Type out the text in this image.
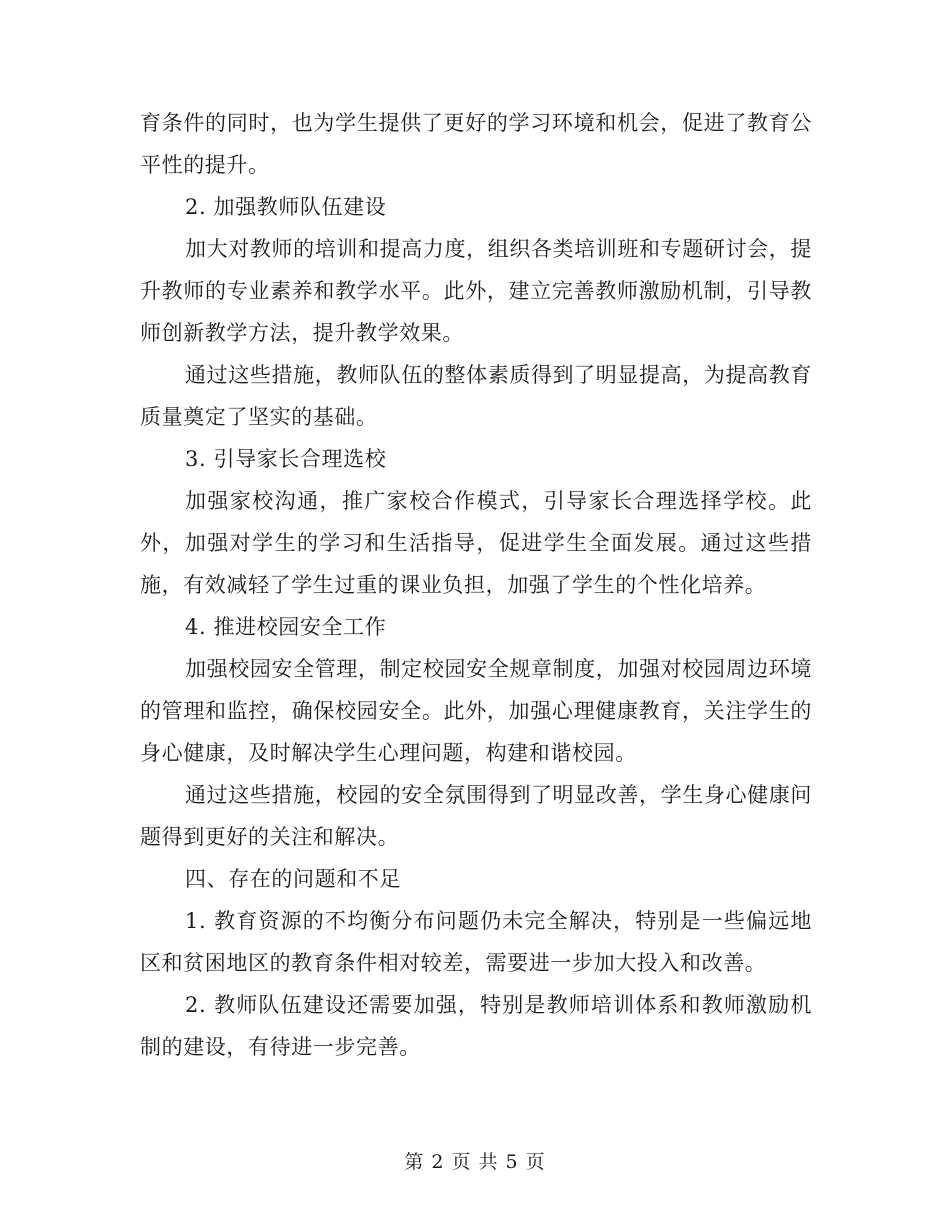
育条件的同时，也为学生提供了更好的学习环境和机会，促进了教育公平性的提升。

2. 加强教师队伍建设

加大对教师的培训和提高力度，组织各类培训班和专题研讨会，提升教师的专业素养和教学水平。此外，建立完善教师激励机制，引导教师创新教学方法，提升教学效果。

通过这些措施，教师队伍的整体素质得到了明显提高，为提高教育质量奠定了坚实的基础。

3. 引导家长合理选校

加强家校沟通，推广家校合作模式，引导家长合理选择学校。此外，加强对学生的学习和生活指导，促进学生全面发展。通过这些措施，有效减轻了学生过重的课业负担，加强了学生的个性化培养。

4. 推进校园安全工作

加强校园安全管理，制定校园安全规章制度，加强对校园周边环境的管理和监控，确保校园安全。此外，加强心理健康教育，关注学生的身心健康，及时解决学生心理问题，构建和谐校园。

通过这些措施，校园的安全氛围得到了明显改善，学生身心健康问题得到更好的关注和解决。

四、存在的问题和不足

1. 教育资源的不均衡分布问题仍未完全解决，特别是一些偏远地区和贫困地区的教育条件相对较差，需要进一步加大投入和改善。

2. 教师队伍建设还需要加强，特别是教师培训体系和教师激励机制的建设，有待进一步完善。

第 2 页 共 5 页
